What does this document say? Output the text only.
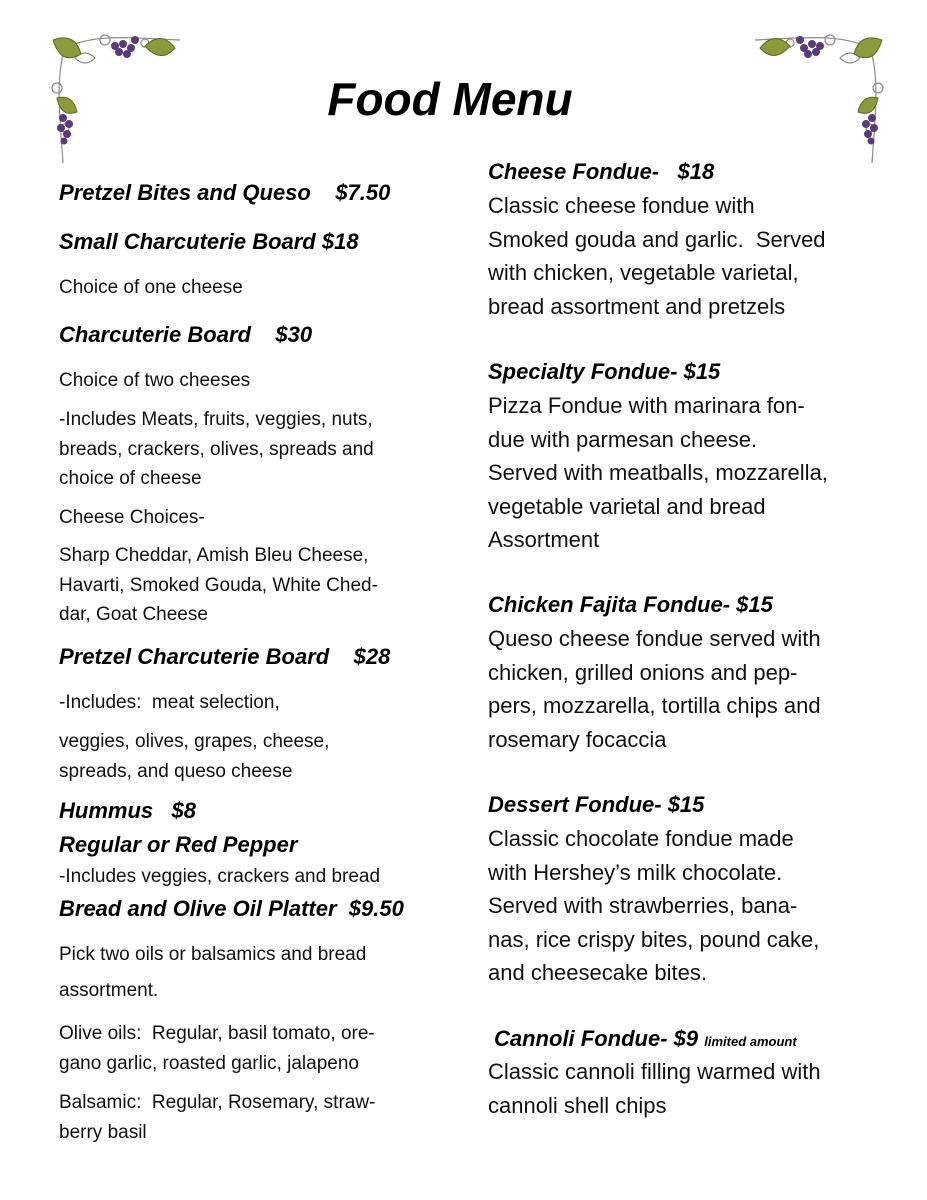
Food Menu
Pretzel Bites and Queso $7.50
Small Charcuterie Board $18
Choice of one cheese
Charcuterie Board $30
Choice of two cheeses
-Includes Meats, fruits, veggies, nuts,
breads, crackers, olives, spreads and
choice of cheese
Cheese Choices-
Sharp Cheddar, Amish Bleu Cheese,
Havarti, Smoked Gouda, White Ched-
dar, Goat Cheese
Pretzel Charcuterie Board $28
-Includes:  meat selection,
veggies, olives, grapes, cheese,
spreads, and queso cheese
Hummus $8
Regular or Red Pepper
-Includes veggies, crackers and bread
Bread and Olive Oil Platter  $9.50
Pick two oils or balsamics and bread
assortment.
Olive oils:  Regular, basil tomato, ore-
gano garlic, roasted garlic, jalapeno
Balsamic:  Regular, Rosemary, straw-
berry basil
Cheese Fondue-   $18
Classic cheese fondue with
Smoked gouda and garlic.  Served
with chicken, vegetable varietal,
bread assortment and pretzels
Specialty Fondue- $15
Pizza Fondue with marinara fon-
due with parmesan cheese.
Served with meatballs, mozzarella,
vegetable varietal and bread
Assortment
Chicken Fajita Fondue- $15
Queso cheese fondue served with
chicken, grilled onions and pep-
pers, mozzarella, tortilla chips and
rosemary focaccia
Dessert Fondue- $15
Classic chocolate fondue made
with Hershey’s milk chocolate.
Served with strawberries, bana-
nas, rice crispy bites, pound cake,
and cheesecake bites.
Cannoli Fondue- $9 limited amount
Classic cannoli filling warmed with
cannoli shell chips
